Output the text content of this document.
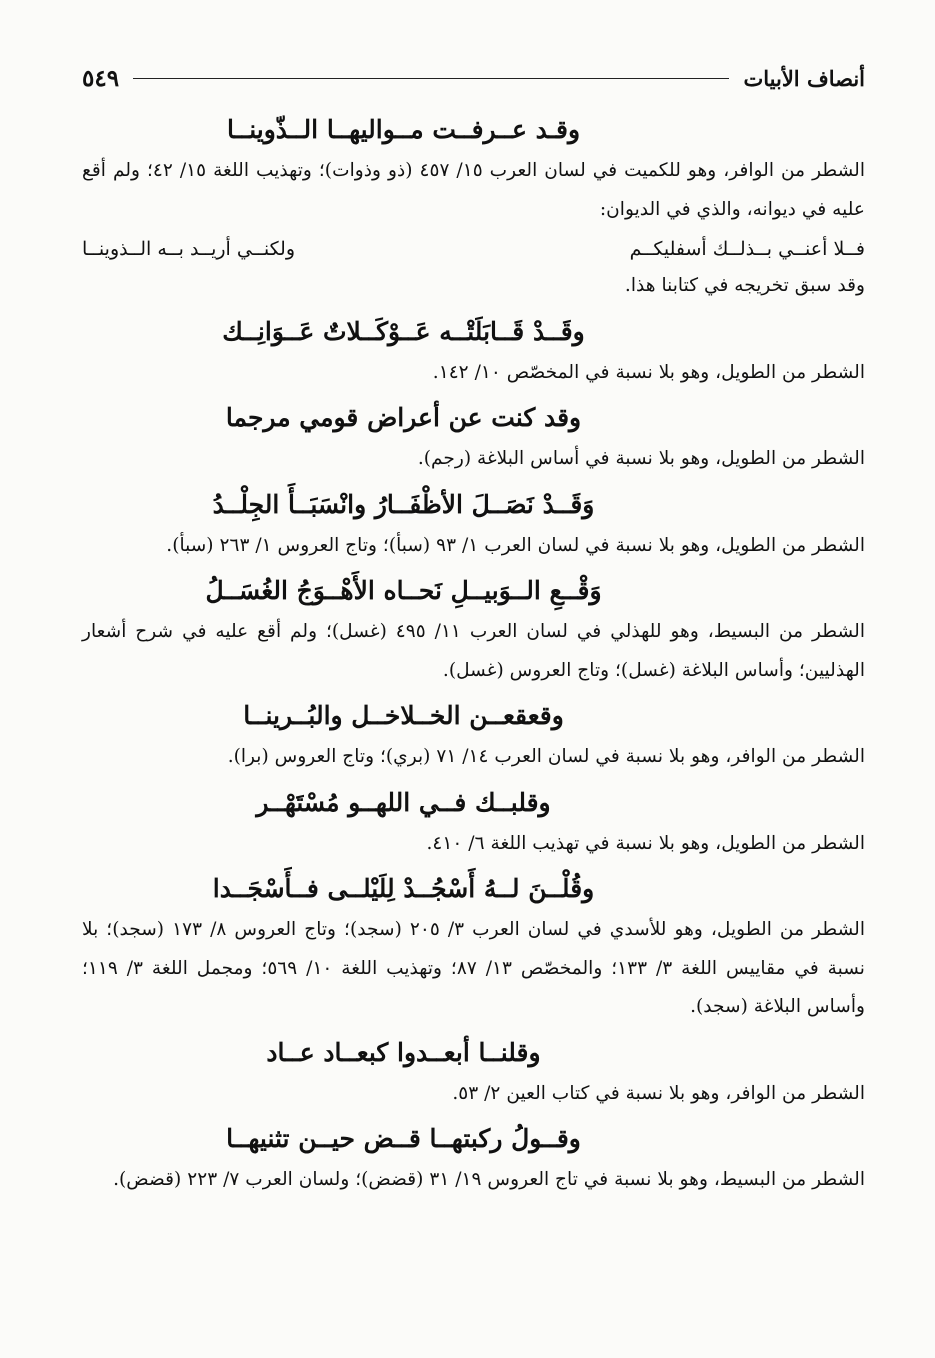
أنصاف الأبيات
٥٤٩

وقـد عــرفــت مــواليهــا الــذّوينــا

الشطر من الوافر، وهو للكميت في لسان العرب ١٥/ ٤٥٧ (ذو وذوات)؛ وتهذيب اللغة ١٥/ ٤٢؛ ولم أقع عليه في ديوانه، والذي في الديوان:

فــلا أعنــي بــذلــك أسفليكــم
ولكنــي أريــد بــه الــذوينــا

وقد سبق تخريجه في كتابنا هذا.

وقَــدْ قَــابَلَتْــه عَــوْكَــلاتٌ عَــوَانِــك

الشطر من الطويل، وهو بلا نسبة في المخصّص ١٠/ ١٤٢.

وقد كنت عن أعراض قومي مرجما

الشطر من الطويل، وهو بلا نسبة في أساس البلاغة (رجم).

وَقَــدْ نَصَــلَ الأظْفَــارُ وانْسَبَــأَ الجِلْــدُ

الشطر من الطويل، وهو بلا نسبة في لسان العرب ١/ ٩٣ (سبأ)؛ وتاج العروس ١/ ٢٦٣ (سبأ).

وَقْــعِ الــوَبيــلِ نَحــاه الأَهْــوَجُ الغُسَــلُ

الشطر من البسيط، وهو للهذلي في لسان العرب ١١/ ٤٩٥ (غسل)؛ ولم أقع عليه في شرح أشعار الهذليين؛ وأساس البلاغة (غسل)؛ وتاج العروس (غسل).

وقعقعــن الخــلاخــل والبُــرينــا

الشطر من الوافر، وهو بلا نسبة في لسان العرب ١٤/ ٧١ (بري)؛ وتاج العروس (برا).

وقلبــك فــي اللهــو مُسْتَهْــر

الشطر من الطويل، وهو بلا نسبة في تهذيب اللغة ٦/ ٤١٠.

وقُلْــنَ لــهُ أَسْجُــدْ لِلَيْلــى فــأَسْجَــدا

الشطر من الطويل، وهو للأسدي في لسان العرب ٣/ ٢٠٥ (سجد)؛ وتاج العروس ٨/ ١٧٣ (سجد)؛ بلا نسبة في مقاييس اللغة ٣/ ١٣٣؛ والمخصّص ١٣/ ٨٧؛ وتهذيب اللغة ١٠/ ٥٦٩؛ ومجمل اللغة ٣/ ١١٩؛ وأساس البلاغة (سجد).

وقلنــا أبعــدوا كبعــاد عــاد

الشطر من الوافر، وهو بلا نسبة في كتاب العين ٢/ ٥٣.

وقــولُ ركبتهــا قــض حيــن تثنيهــا

الشطر من البسيط، وهو بلا نسبة في تاج العروس ١٩/ ٣١ (قضض)؛ ولسان العرب ٧/ ٢٢٣ (قضض).
